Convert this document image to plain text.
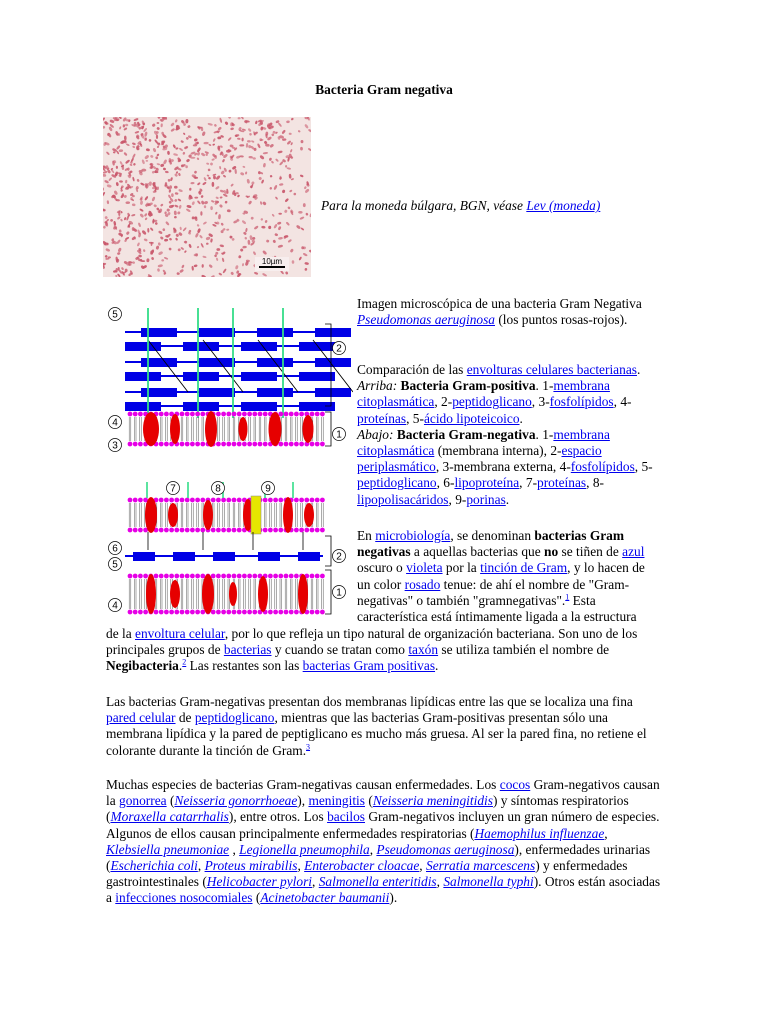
Bacteria Gram negativa
10µm
Para la moneda búlgara, BGN, véase Lev (moneda)
5
2
4
3
1
7	8	9
6
5
2
4
1
Imagen microscópica de una bacteria Gram Negativa Pseudomonas aeruginosa (los puntos rosas-rojos).
Comparación de las envolturas celulares bacterianas.
Arriba: Bacteria Gram-positiva. 1-membrana citoplasmática, 2-peptidoglicano, 3-fosfolípidos, 4-proteínas, 5-ácido lipoteicoico.
Abajo: Bacteria Gram-negativa. 1-membrana citoplasmática (membrana interna), 2-espacio periplasmático, 3-membrana externa, 4-fosfolípidos, 5-peptidoglicano, 6-lipoproteína, 7-proteínas, 8-lipopolisacáridos, 9-porinas.
En microbiología, se denominan bacterias Gram negativas a aquellas bacterias que no se tiñen de azul oscuro o violeta por la tinción de Gram, y lo hacen de un color rosado tenue: de ahí el nombre de "Gram-negativas" o también "gramnegativas".$^1$ Esta característica está íntimamente ligada a la estructura
de la envoltura celular, por lo que refleja un tipo natural de organización bacteriana. Son uno de los principales grupos de bacterias y cuando se tratan como taxón se utiliza también el nombre de Negibacteria.$^2$ Las restantes son las bacterias Gram positivas.
Las bacterias Gram-negativas presentan dos membranas lipídicas entre las que se localiza una fina pared celular de peptidoglicano, mientras que las bacterias Gram-positivas presentan sólo una membrana lipídica y la pared de peptiglicano es mucho más gruesa. Al ser la pared fina, no retiene el colorante durante la tinción de Gram.$^3$
Muchas especies de bacterias Gram-negativas causan enfermedades. Los cocos Gram-negativos causan la gonorrea (Neisseria gonorrhoeae), meningitis (Neisseria meningitidis) y síntomas respiratorios (Moraxella catarrhalis), entre otros. Los bacilos Gram-negativos incluyen un gran número de especies. Algunos de ellos causan principalmente enfermedades respiratorias (Haemophilus influenzae, Klebsiella pneumoniae , Legionella pneumophila, Pseudomonas aeruginosa), enfermedades urinarias (Escherichia coli, Proteus mirabilis, Enterobacter cloacae, Serratia marcescens) y enfermedades gastrointestinales (Helicobacter pylori, Salmonella enteritidis, Salmonella typhi). Otros están asociadas a infecciones nosocomiales (Acinetobacter baumanii).
